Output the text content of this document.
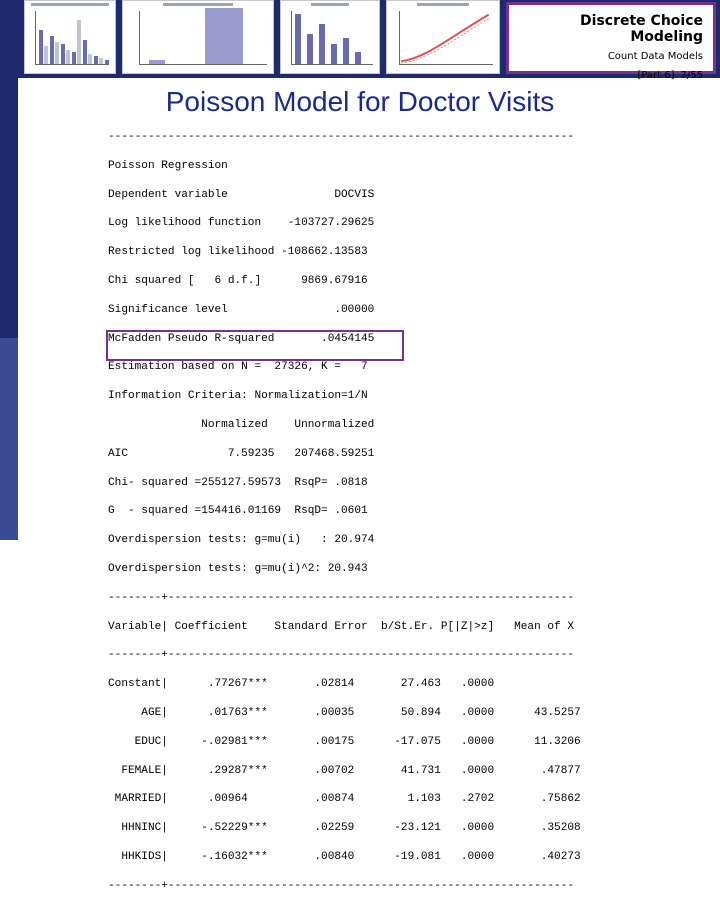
Discrete Choice Modeling
Count Data Models
[Part 6] 7/55
Poisson Model for Doctor Visits
----------------------------------------------------------------------

Poisson Regression

Dependent variable                DOCVIS

Log likelihood function    -103727.29625

Restricted log likelihood -108662.13583

Chi squared [   6 d.f.]      9869.67916

Significance level                .00000

McFadden Pseudo R-squared       .0454145

Estimation based on N =  27326, K =   7

Information Criteria: Normalization=1/N

Normalized    Unnormalized

AIC               7.59235   207468.59251

Chi- squared =255127.59573  RsqP= .0818

G  - squared =154416.01169  RsqD= .0601

Overdispersion tests: g=mu(i)   : 20.974

Overdispersion tests: g=mu(i)^2: 20.943

--------+-------------------------------------------------------------

Variable| Coefficient    Standard Error  b/St.Er. P[|Z|>z]   Mean of X

--------+-------------------------------------------------------------

Constant|      .77267***       .02814       27.463   .0000

AGE|      .01763***       .00035       50.894   .0000      43.5257

EDUC|     -.02981***       .00175      -17.075   .0000      11.3206

FEMALE|      .29287***       .00702       41.731   .0000       .47877

MARRIED|      .00964          .00874        1.103   .2702       .75862

HHNINC|     -.52229***       .02259      -23.121   .0000       .35208

HHKIDS|     -.16032***       .00840      -19.081   .0000       .40273

--------+-------------------------------------------------------------
